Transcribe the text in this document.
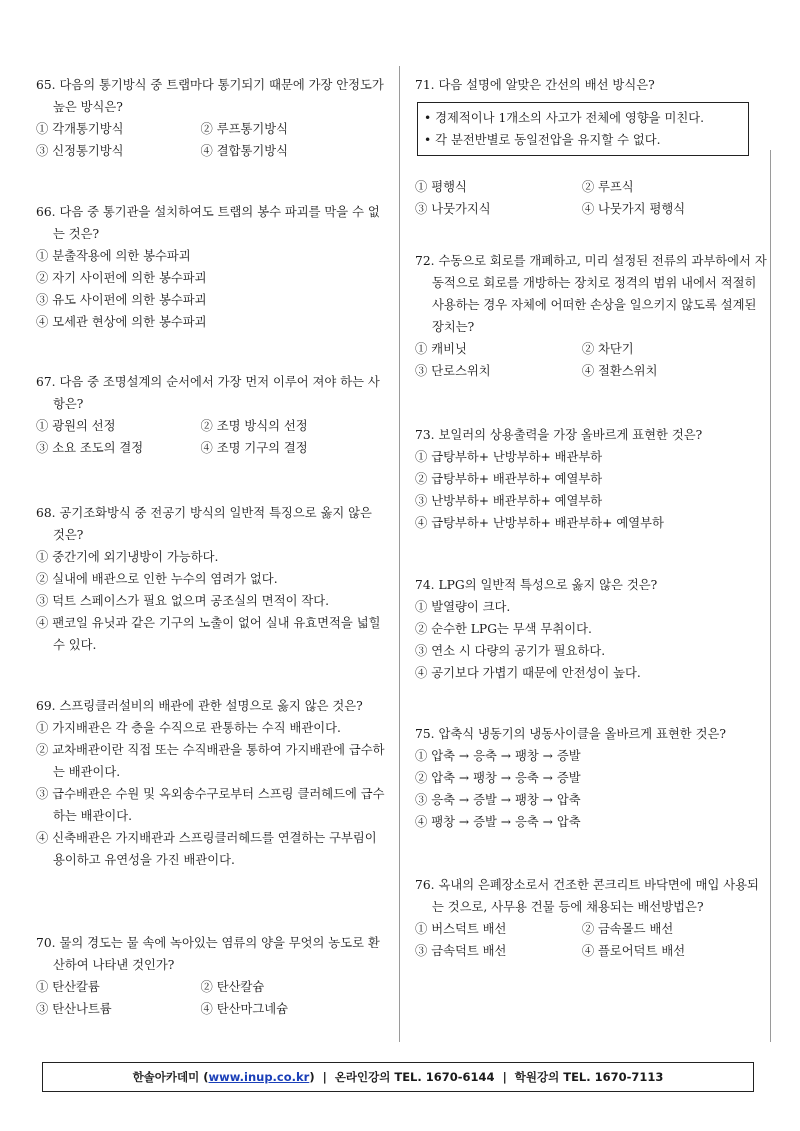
65. 다음의 통기방식 중 트랩마다 통기되기 때문에 가장 안정도가 높은 방식은?

① 각개통기방식	② 루프통기방식
③ 신정통기방식	④ 결합통기방식

66. 다음 중 통기관을 설치하여도 트랩의 봉수 파괴를 막을 수 없는 것은?

① 분출작용에 의한 봉수파괴
② 자기 사이펀에 의한 봉수파괴
③ 유도 사이펀에 의한 봉수파괴
④ 모세관 현상에 의한 봉수파괴

67. 다음 중 조명설계의 순서에서 가장 먼저 이루어 져야 하는 사항은?

① 광원의 선정	② 조명 방식의 선정
③ 소요 조도의 결정	④ 조명 기구의 결정

68. 공기조화방식 중 전공기 방식의 일반적 특징으로 옳지 않은 것은?

① 중간기에 외기냉방이 가능하다.
② 실내에 배관으로 인한 누수의 염려가 없다.
③ 덕트 스페이스가 필요 없으며 공조실의 면적이 작다.
④ 팬코일 유닛과 같은 기구의 노출이 없어 실내 유효면적을 넓힐 수 있다.

69. 스프링클러설비의 배관에 관한 설명으로 옳지 않은 것은?

① 가지배관은 각 층을 수직으로 관통하는 수직 배관이다.
② 교차배관이란 직접 또는 수직배관을 통하여 가지배관에 급수하는 배관이다.
③ 급수배관은 수원 및 옥외송수구로부터 스프링 클러헤드에 급수하는 배관이다.
④ 신축배관은 가지배관과 스프링클러헤드를 연결하는 구부림이 용이하고 유연성을 가진 배관이다.

70. 물의 경도는 물 속에 녹아있는 염류의 양을 무엇의 농도로 환산하여 나타낸 것인가?

① 탄산칼륨	② 탄산칼슘
③ 탄산나트륨	④ 탄산마그네슘

71. 다음 설명에 알맞은 간선의 배선 방식은?

• 경제적이나 1개소의 사고가 전체에 영향을 미친다.
• 각 분전반별로 동일전압을 유지할 수 없다.
① 평행식	② 루프식
③ 나뭇가지식	④ 나뭇가지 평행식

72. 수동으로 회로를 개폐하고, 미리 설정된 전류의 과부하에서 자동적으로 회로를 개방하는 장치로 정격의 범위 내에서 적절히 사용하는 경우 자체에 어떠한 손상을 일으키지 않도록 설계된 장치는?

① 캐비닛	② 차단기
③ 단로스위치	④ 절환스위치

73. 보일러의 상용출력을 가장 올바르게 표현한 것은?

① 급탕부하+ 난방부하+ 배관부하
② 급탕부하+ 배관부하+ 예열부하
③ 난방부하+ 배관부하+ 예열부하
④ 급탕부하+ 난방부하+ 배관부하+ 예열부하

74. LPG의 일반적 특성으로 옳지 않은 것은?

① 발열량이 크다.
② 순수한 LPG는 무색 무취이다.
③ 연소 시 다량의 공기가 필요하다.
④ 공기보다 가볍기 때문에 안전성이 높다.

75. 압축식 냉동기의 냉동사이클을 올바르게 표현한 것은?

① 압축 → 응축 → 팽창 → 증발
② 압축 → 팽창 → 응축 → 증발
③ 응축 → 증발 → 팽창 → 압축
④ 팽창 → 증발 → 응축 → 압축

76. 옥내의 은폐장소로서 건조한 콘크리트 바닥면에 매입 사용되는 것으로, 사무용 건물 등에 채용되는 배선방법은?

① 버스덕트 배선	② 금속몰드 배선
③ 금속덕트 배선	④ 플로어덕트 배선
한솔아카데미 (www.inup.co.kr)  |  온라인강의 TEL. 1670-6144  |  학원강의 TEL. 1670-7113
